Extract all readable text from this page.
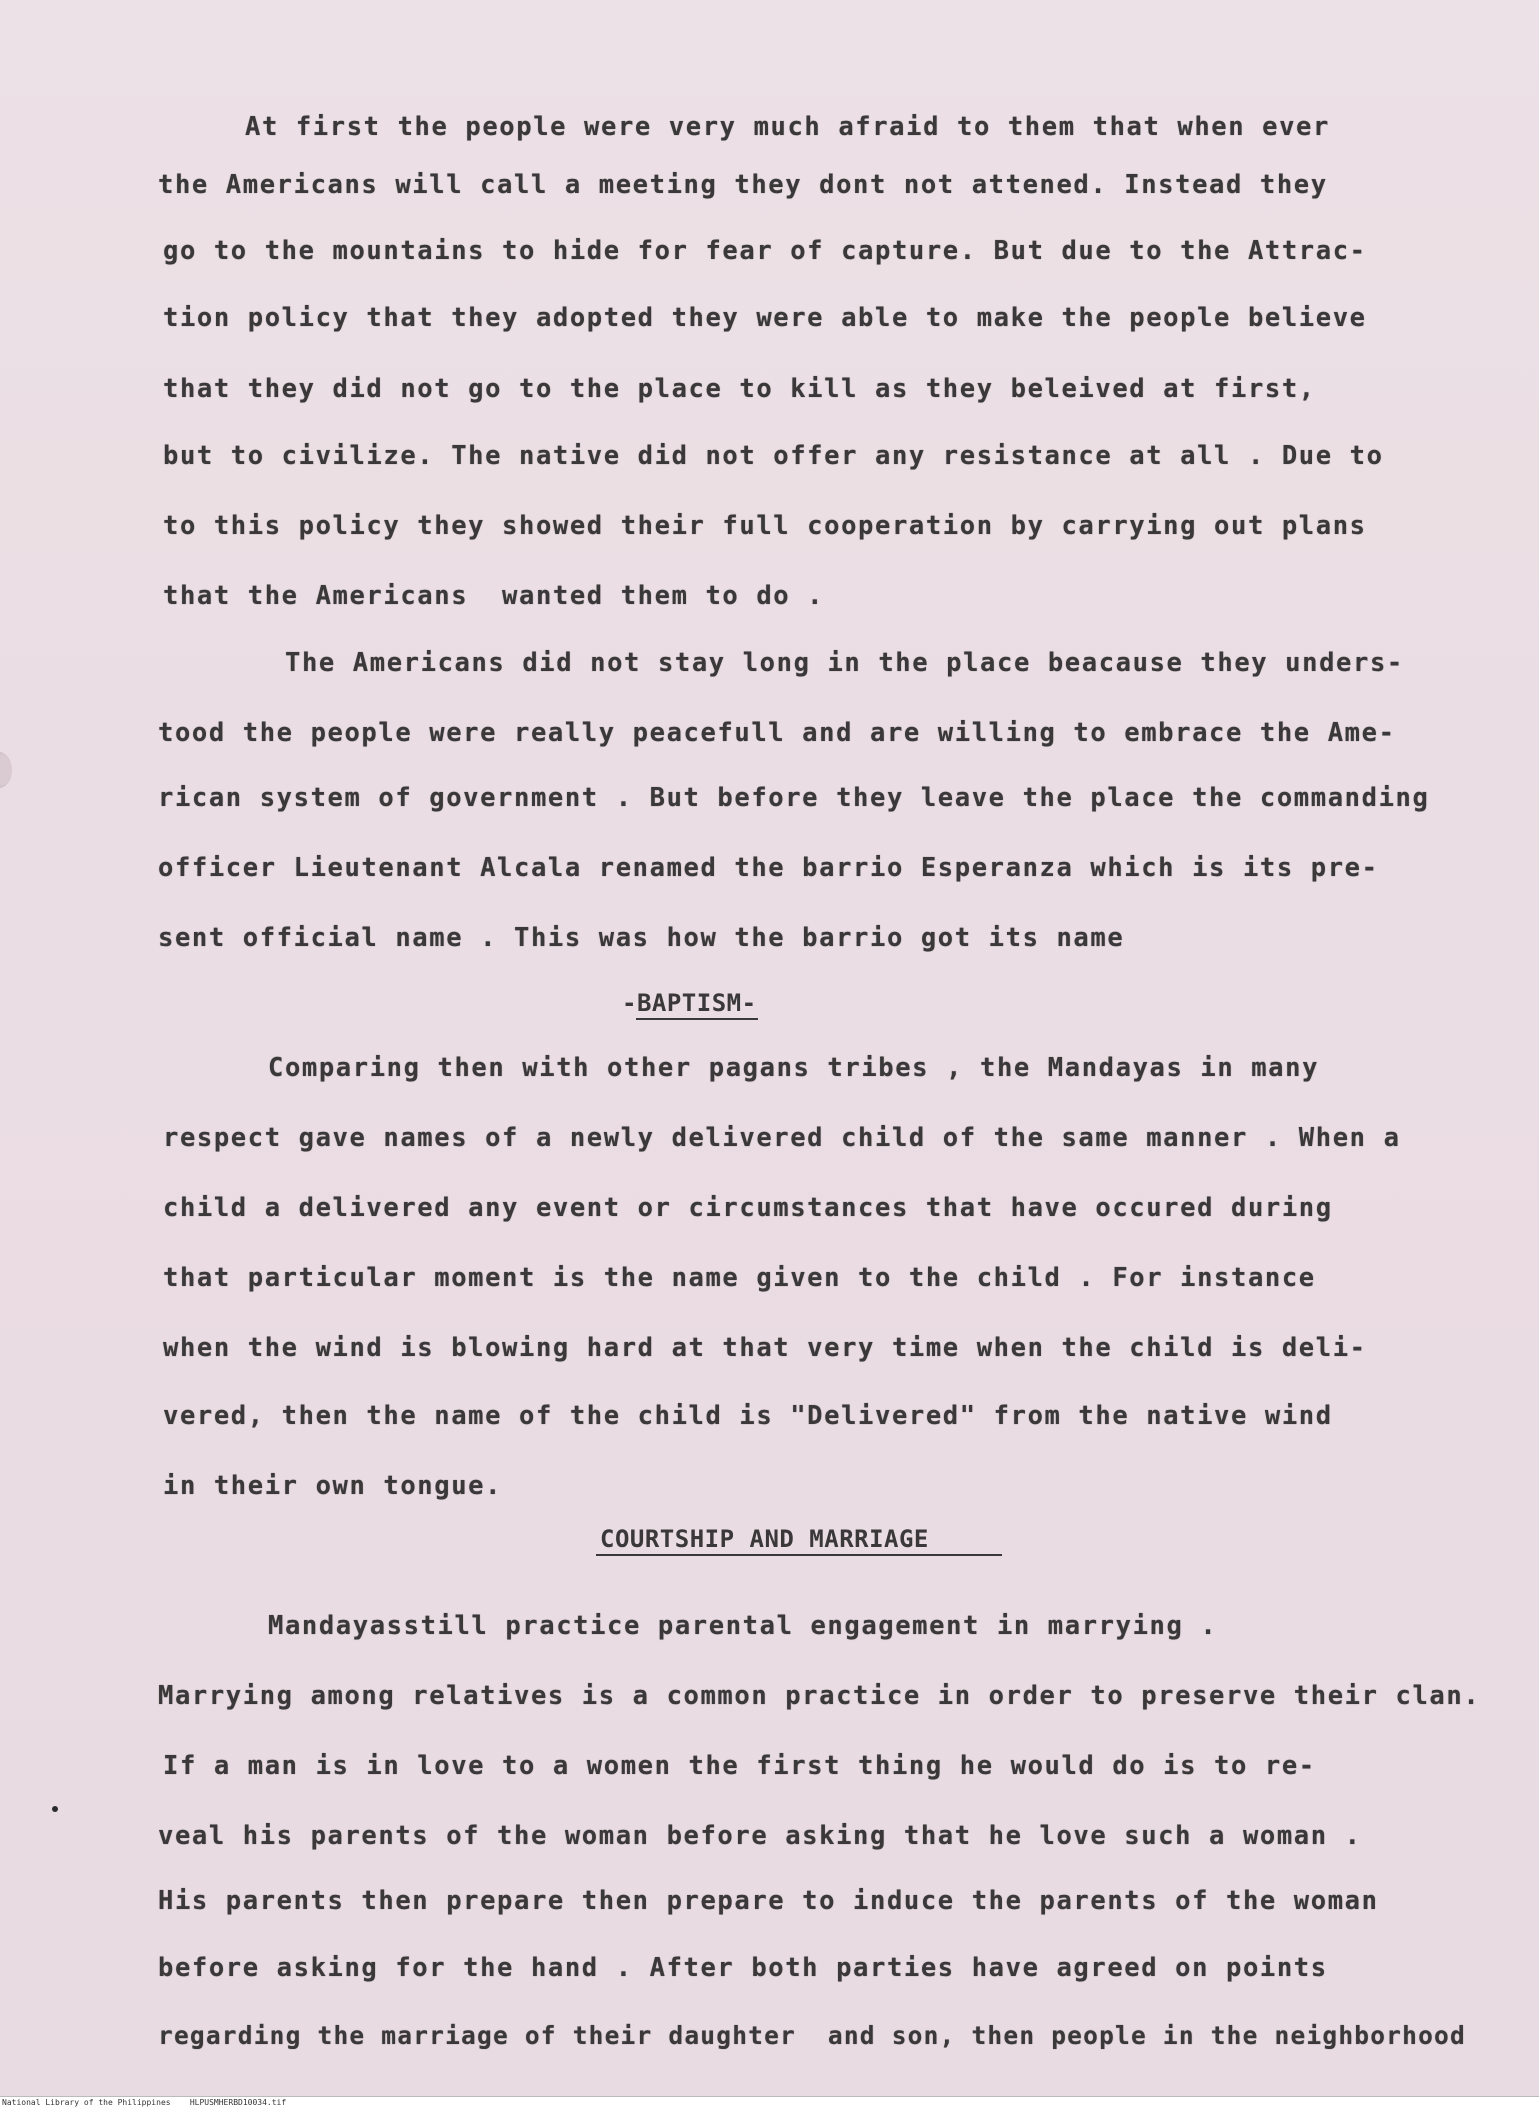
At first the people were very much afraid to them that when ever
the Americans will call a meeting they dont not attened. Instead they
go to the mountains to hide for fear of capture. But due to the Attrac-
tion policy that they adopted they were able to make the people believe
that they did not go to the place to kill as they beleived at first,
but to civilize. The native did not offer any resistance at all . Due to
to this policy they showed their full cooperation by carrying out plans
that the Americans  wanted them to do .
The Americans did not stay long in the place beacause they unders-
tood the people were really peacefull and are willing to embrace the Ame-
rican system of government . But before they leave the place the commanding
officer Lieutenant Alcala renamed the barrio Esperanza which is its pre-
sent official name . This was how the barrio got its name
-BAPTISM-
Comparing then with other pagans tribes , the Mandayas in many
respect gave names of a newly delivered child of the same manner . When a
child a delivered any event or circumstances that have occured during
that particular moment is the name given to the child . For instance
when the wind is blowing hard at that very time when the child is deli-
vered, then the name of the child is "Delivered" from the native wind
in their own tongue.
COURTSHIP AND MARRIAGE
Mandayasstill practice parental engagement in marrying .
Marrying among relatives is a common practice in order to preserve their clan.
If a man is in love to a women the first thing he would do is to re-
veal his parents of the woman before asking that he love such a woman .
His parents then prepare then prepare to induce the parents of the woman
before asking for the hand . After both parties have agreed on points
regarding the marriage of their daughter  and son, then people in the neighborhood
National Library of the Philippines    HLPUSMHERBD10034.tif
